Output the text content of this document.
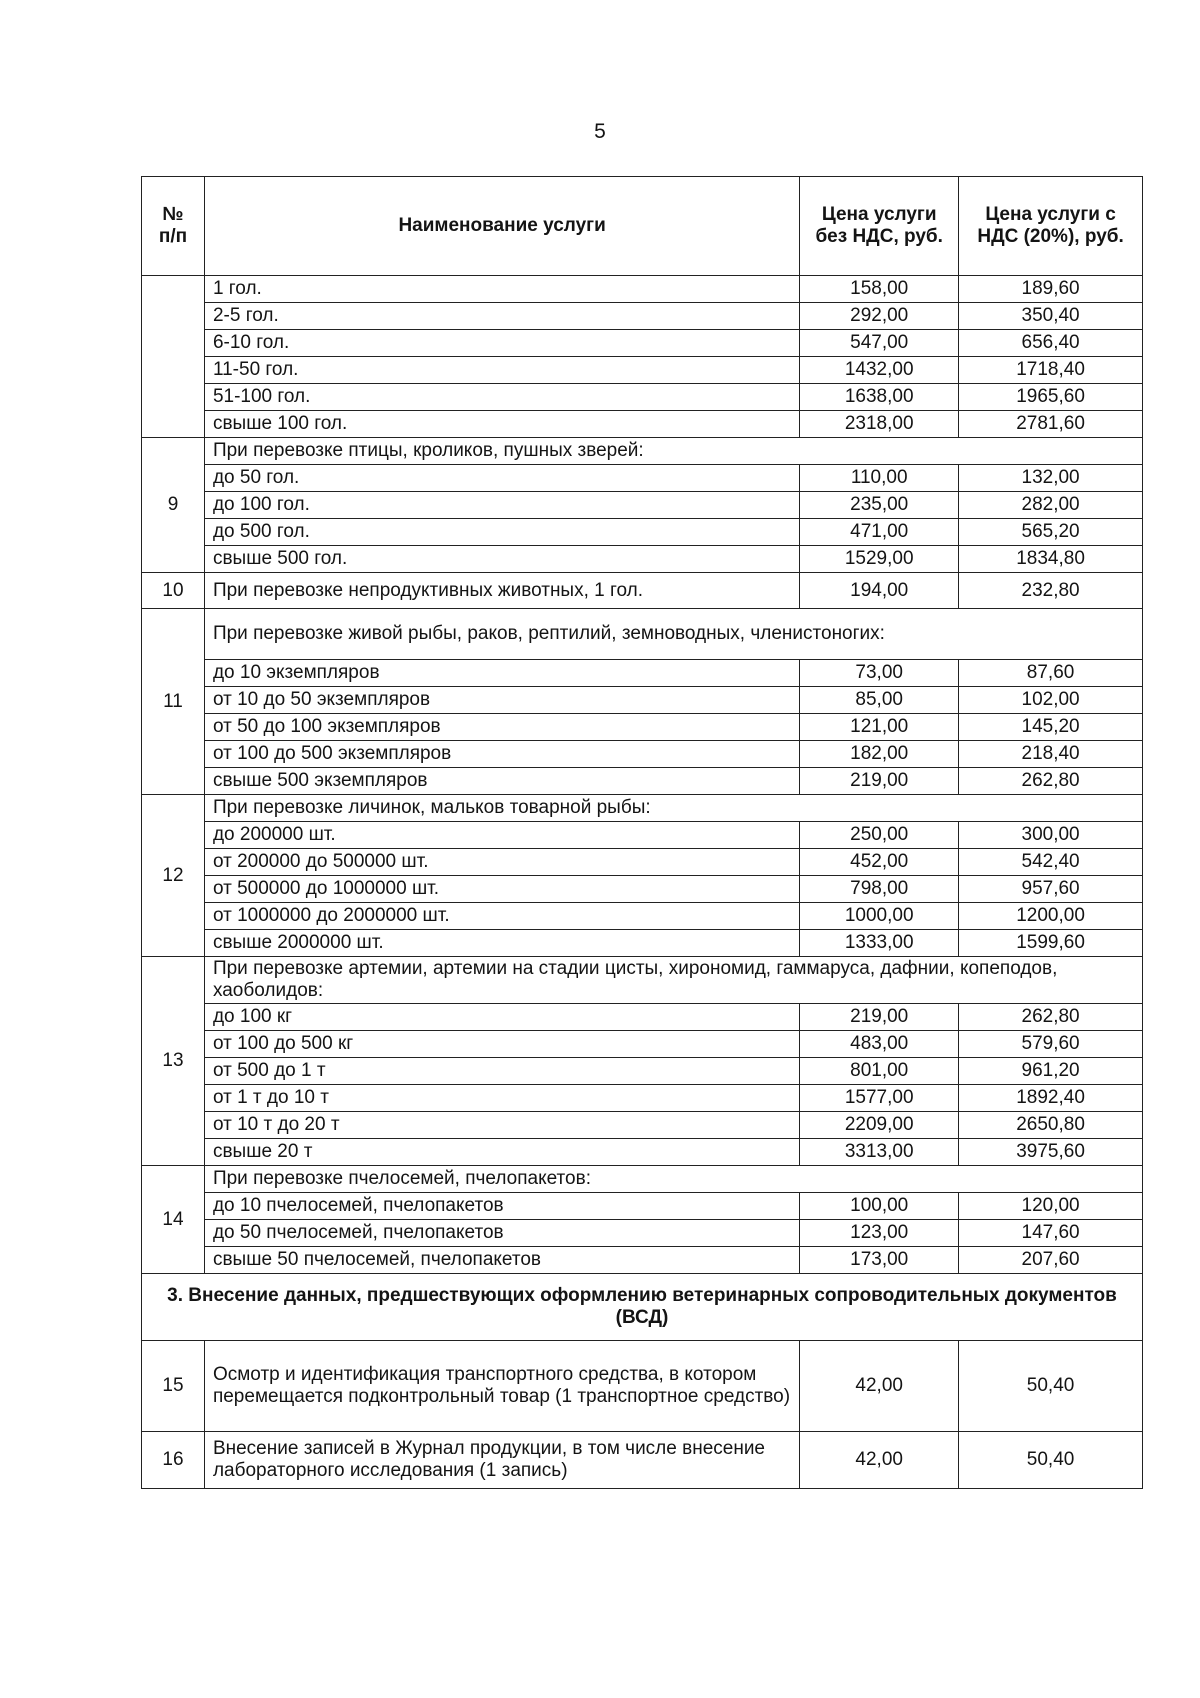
5
№
п/п	Наименование услуги	Цена услуги без НДС, руб.	Цена услуги с НДС (20%), руб.
	1 гол.	158,00	189,60
	2-5 гол.	292,00	350,40
	6-10 гол.	547,00	656,40
	11-50 гол.	1432,00	1718,40
	51-100 гол.	1638,00	1965,60
	свыше 100 гол.	2318,00	2781,60
9	При перевозке птицы, кроликов, пушных зверей:		
	до 50 гол.	110,00	132,00
	до 100 гол.	235,00	282,00
	до 500 гол.	471,00	565,20
	свыше 500 гол.	1529,00	1834,80
10	При перевозке непродуктивных животных, 1 гол.	194,00	232,80
11	При перевозке живой рыбы, раков, рептилий, земноводных, членистоногих:		
	до 10 экземпляров	73,00	87,60
	от 10 до 50 экземпляров	85,00	102,00
	от 50 до 100 экземпляров	121,00	145,20
	от 100 до 500 экземпляров	182,00	218,40
	свыше 500 экземпляров	219,00	262,80
12	При перевозке личинок, мальков товарной рыбы:		
	до 200000 шт.	250,00	300,00
	от 200000 до 500000 шт.	452,00	542,40
	от 500000 до 1000000 шт.	798,00	957,60
	от 1000000 до 2000000 шт.	1000,00	1200,00
	свыше 2000000 шт.	1333,00	1599,60
13	При перевозке артемии, артемии на стадии цисты, хирономид, гаммаруса, дафнии, копеподов, хаоболидов:		
	до 100 кг	219,00	262,80
	от 100 до 500 кг	483,00	579,60
	от 500 до 1 т	801,00	961,20
	от 1 т до 10 т	1577,00	1892,40
	от 10 т до 20 т	2209,00	2650,80
	свыше 20 т	3313,00	3975,60
14	При перевозке пчелосемей, пчелопакетов:		
	до 10 пчелосемей, пчелопакетов	100,00	120,00
	до 50 пчелосемей, пчелопакетов	123,00	147,60
	свыше 50 пчелосемей, пчелопакетов	173,00	207,60
3. Внесение данных, предшествующих оформлению ветеринарных сопроводительных документов (ВСД)			
15	Осмотр и идентификация транспортного средства, в котором перемещается подконтрольный товар (1 транспортное средство)	42,00	50,40
16	Внесение записей в Журнал продукции, в том числе внесение лабораторного исследования (1 запись)	42,00	50,40
